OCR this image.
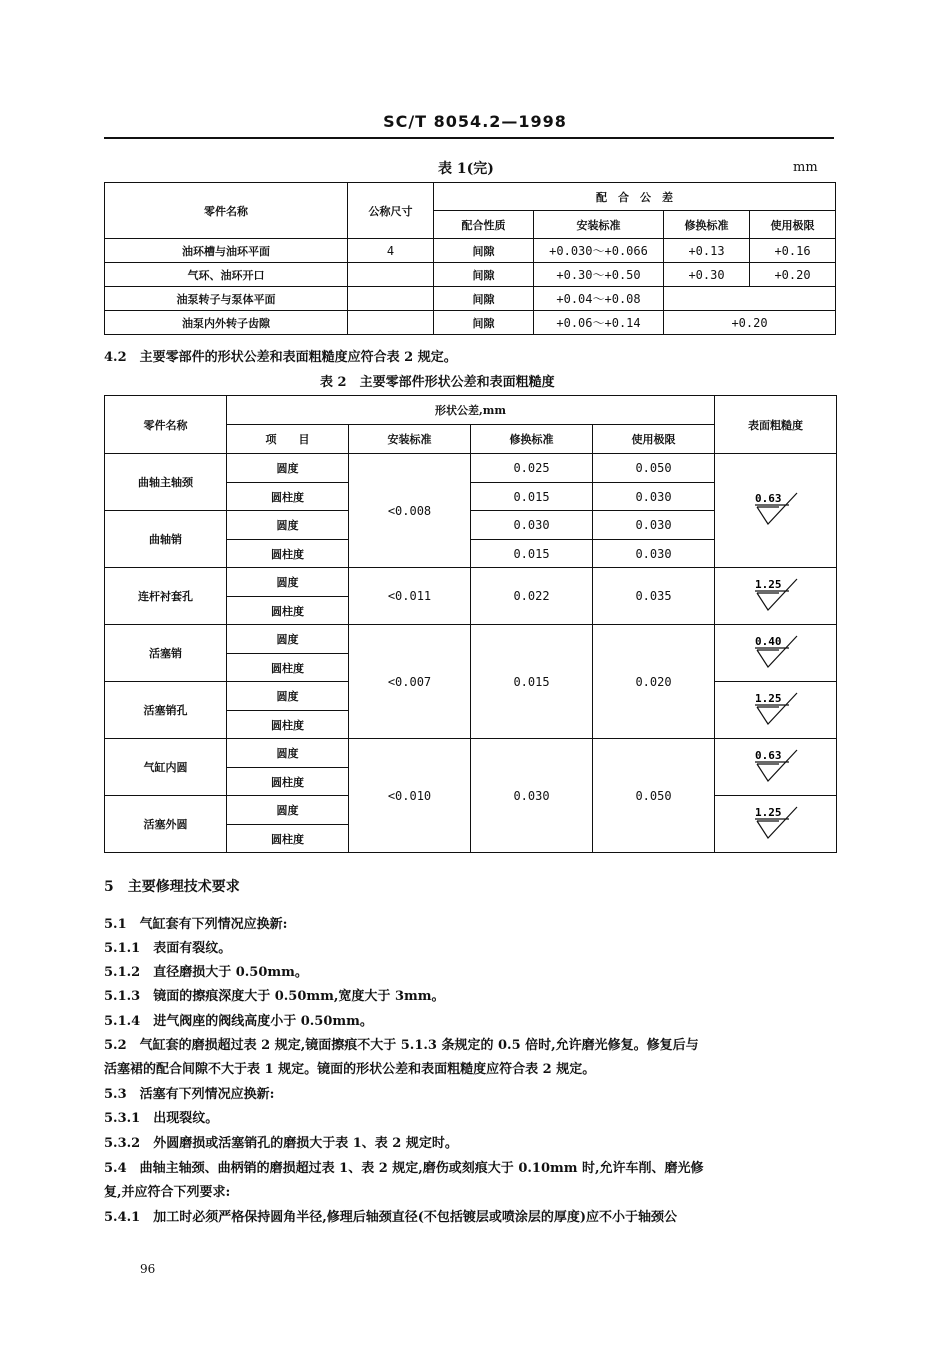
SC/T 8054.2—1998
表 1(完)	mm
零件名称	公称尺寸	配　合　公　差			
		配合性质	安装标准	修换标准	使用极限
油环槽与油环平面	4	间隙	+0.030～+0.066	+0.13	+0.16
气环、油环开口		间隙	+0.30～+0.50	+0.30	+0.20
油泵转子与泵体平面		间隙	+0.04～+0.08		
油泵内外转子齿隙		间隙	+0.06～+0.14	+0.20	
4.2　主要零部件的形状公差和表面粗糙度应符合表 2 规定。
表 2　主要零部件形状公差和表面粗糙度
零件名称	形状公差,mm				表面粗糙度
	项　　目	安装标准	修换标准	使用极限	
曲轴主轴颈	圆度	<0.008	0.025	0.050	0.63

	圆柱度		0.015	0.030	
曲轴销	圆度		0.030	0.030	
	圆柱度		0.015	0.030	
连杆衬套孔	圆度	<0.011	0.022	0.035	1.25

	圆柱度				
活塞销	圆度	<0.007	0.015	0.020	0.40

	圆柱度				
活塞销孔	圆度				1.25

	圆柱度				
气缸内圆	圆度	<0.010	0.030	0.050	0.63

	圆柱度				
活塞外圆	圆度				1.25

	圆柱度				
5　主要修理技术要求
5.1　气缸套有下列情况应换新:
5.1.1　表面有裂纹。
5.1.2　直径磨损大于 0.50mm。
5.1.3　镜面的擦痕深度大于 0.50mm,宽度大于 3mm。
5.1.4　进气阀座的阀线高度小于 0.50mm。
5.2　气缸套的磨损超过表 2 规定,镜面擦痕不大于 5.1.3 条规定的 0.5 倍时,允许磨光修复。修复后与
活塞裙的配合间隙不大于表 1 规定。镜面的形状公差和表面粗糙度应符合表 2 规定。
5.3　活塞有下列情况应换新:
5.3.1　出现裂纹。
5.3.2　外圆磨损或活塞销孔的磨损大于表 1、表 2 规定时。
5.4　曲轴主轴颈、曲柄销的磨损超过表 1、表 2 规定,磨伤或刻痕大于 0.10mm 时,允许车削、磨光修
复,并应符合下列要求:
5.4.1　加工时必须严格保持圆角半径,修理后轴颈直径(不包括镀层或喷涂层的厚度)应不小于轴颈公
96
